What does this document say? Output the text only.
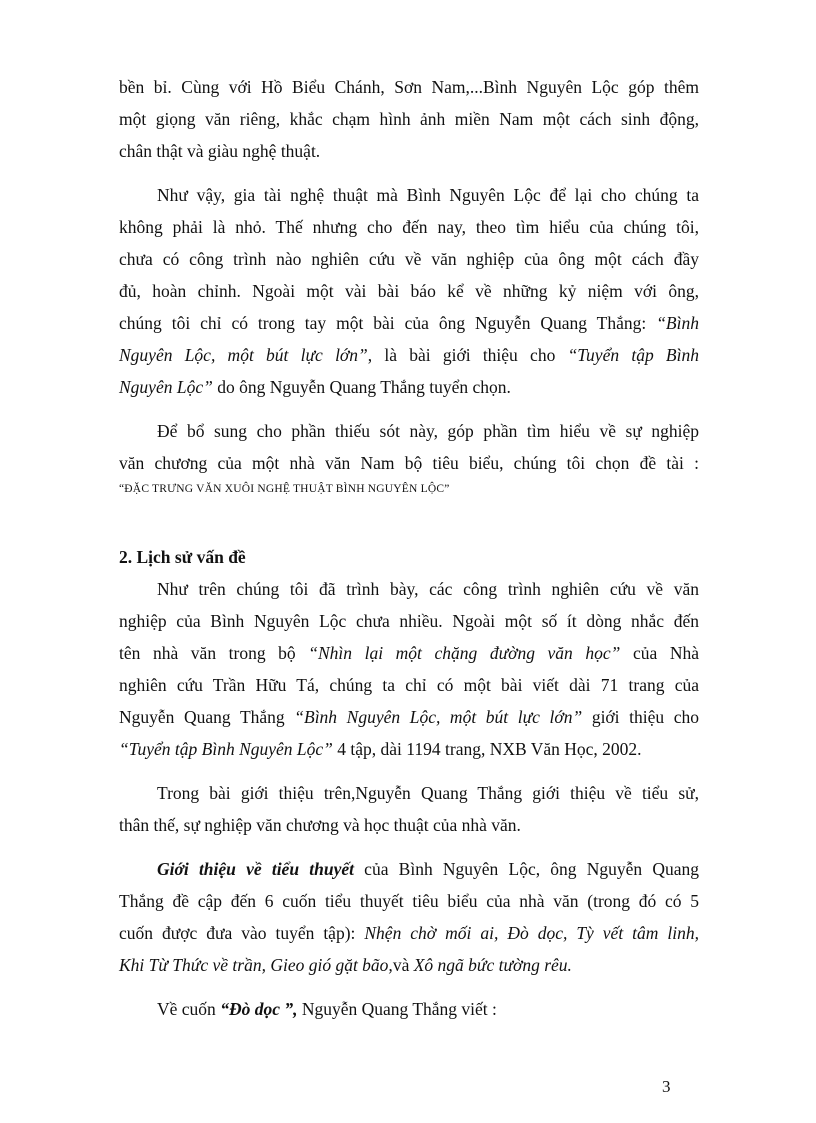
bền bỉ. Cùng với Hồ Biểu Chánh, Sơn Nam,...Bình Nguyên Lộc góp thêm
một giọng văn riêng, khắc chạm hình ảnh miền Nam một cách sinh động,
chân thật và giàu nghệ thuật.
Như vậy, gia tài nghệ thuật mà Bình Nguyên Lộc để lại cho chúng ta
không phải là nhỏ. Thế nhưng cho đến nay, theo tìm hiểu của chúng tôi,
chưa có công trình nào nghiên cứu về văn nghiệp của ông một cách đầy
đủ, hoàn chỉnh. Ngoài một vài bài báo kể về những kỷ niệm với ông,
chúng tôi chỉ có trong tay một bài của ông Nguyễn Quang Thắng: “Bình
Nguyên Lộc, một bút lực lớn”, là bài giới thiệu cho “Tuyển tập Bình
Nguyên Lộc” do ông Nguyễn Quang Thắng tuyển chọn.
Để bổ sung cho phần thiếu sót này, góp phần tìm hiểu về sự nghiệp
văn chương của một nhà văn Nam bộ tiêu biểu, chúng tôi chọn đề tài :
“ĐẶC TRƯNG VĂN XUÔI NGHỆ THUẬT BÌNH NGUYÊN LỘC”
2. Lịch sử vấn đề
Như trên chúng tôi đã trình bày, các công trình nghiên cứu về văn
nghiệp của Bình Nguyên Lộc chưa nhiều. Ngoài một số ít dòng nhắc đến
tên nhà văn trong bộ “Nhìn lại một chặng đường văn học” của Nhà
nghiên cứu Trần Hữu Tá, chúng ta chỉ có một bài viết dài 71 trang của
Nguyễn Quang Thắng “Bình Nguyên Lộc, một bút lực lớn” giới thiệu cho
“Tuyển tập Bình Nguyên Lộc” 4 tập, dài 1194 trang, NXB Văn Học, 2002.
Trong bài giới thiệu trên,Nguyễn Quang Thắng giới thiệu về tiểu sử,
thân thế, sự nghiệp văn chương và học thuật của nhà văn.
Giới thiệu về tiểu thuyết của Bình Nguyên Lộc, ông Nguyễn Quang
Thắng đề cập đến 6 cuốn tiểu thuyết tiêu biểu của nhà văn (trong đó có 5
cuốn được đưa vào tuyển tập): Nhện chờ mối ai, Đò dọc, Tỳ vết tâm linh,
Khi Từ Thức về trần, Gieo gió gặt bão,và Xô ngã bức tường rêu.
Về cuốn “Đò dọc ”, Nguyễn Quang Thắng viết :
3
